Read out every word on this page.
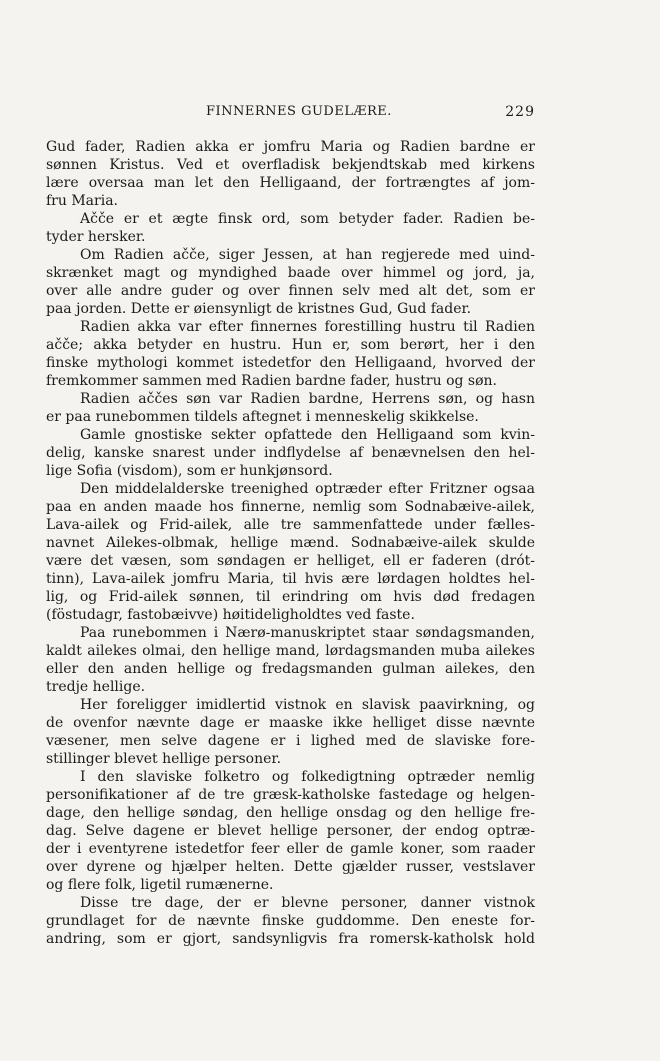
FINNERNES GUDELÆRE.	229
Gud fader, Radien akka er jomfru Maria og Radien bardne er
sønnen Kristus. Ved et overfladisk bekjendtskab med kirkens
lære oversaa man let den Helligaand, der fortrængtes af jom-
fru Maria.
Ačče er et ægte finsk ord, som betyder fader. Radien be-
tyder hersker.
Om Radien ačče, siger Jessen, at han regjerede med uind-
skrænket magt og myndighed baade over himmel og jord, ja,
over alle andre guder og over finnen selv med alt det, som er
paa jorden. Dette er øiensynligt de kristnes Gud, Gud fader.
Radien akka var efter finnernes forestilling hustru til Radien
ačče; akka betyder en hustru. Hun er, som berørt, her i den
finske mythologi kommet istedetfor den Helligaand, hvorved der
fremkommer sammen med Radien bardne fader, hustru og søn.
Radien aččes søn var Radien bardne, Herrens søn, og hasn
er paa runebommen tildels aftegnet i menneskelig skikkelse.
Gamle gnostiske sekter opfattede den Helligaand som kvin-
delig, kanske snarest under indflydelse af benævnelsen den hel-
lige Sofia (visdom), som er hunkjønsord.
Den middelalderske treenighed optræder efter Fritzner ogsaa
paa en anden maade hos finnerne, nemlig som Sodnabæive-ailek,
Lava-ailek og Frid-ailek, alle tre sammenfattede under fælles-
navnet Ailekes-olbmak, hellige mænd. Sodnabæive-ailek skulde
være det væsen, som søndagen er helliget, ell er faderen (drót-
tinn), Lava-ailek jomfru Maria, til hvis ære lørdagen holdtes hel-
lig, og Frid-ailek sønnen, til erindring om hvis død fredagen
(föstudagr, fastobæivve) høitideligholdtes ved faste.
Paa runebommen i Nærø-manuskriptet staar søndagsmanden,
kaldt ailekes olmai, den hellige mand, lørdagsmanden muba ailekes
eller den anden hellige og fredagsmanden gulman ailekes, den
tredje hellige.
Her foreligger imidlertid vistnok en slavisk paavirkning, og
de ovenfor nævnte dage er maaske ikke helliget disse nævnte
væsener, men selve dagene er i lighed med de slaviske fore-
stillinger blevet hellige personer.
I den slaviske folketro og folkedigtning optræder nemlig
personifikationer af de tre græsk-katholske fastedage og helgen-
dage, den hellige søndag, den hellige onsdag og den hellige fre-
dag. Selve dagene er blevet hellige personer, der endog optræ-
der i eventyrene istedetfor feer eller de gamle koner, som raader
over dyrene og hjælper helten. Dette gjælder russer, vestslaver
og flere folk, ligetil rumænerne.
Disse tre dage, der er blevne personer, danner vistnok
grundlaget for de nævnte finske guddomme. Den eneste for-
andring, som er gjort, sandsynligvis fra romersk-katholsk hold
